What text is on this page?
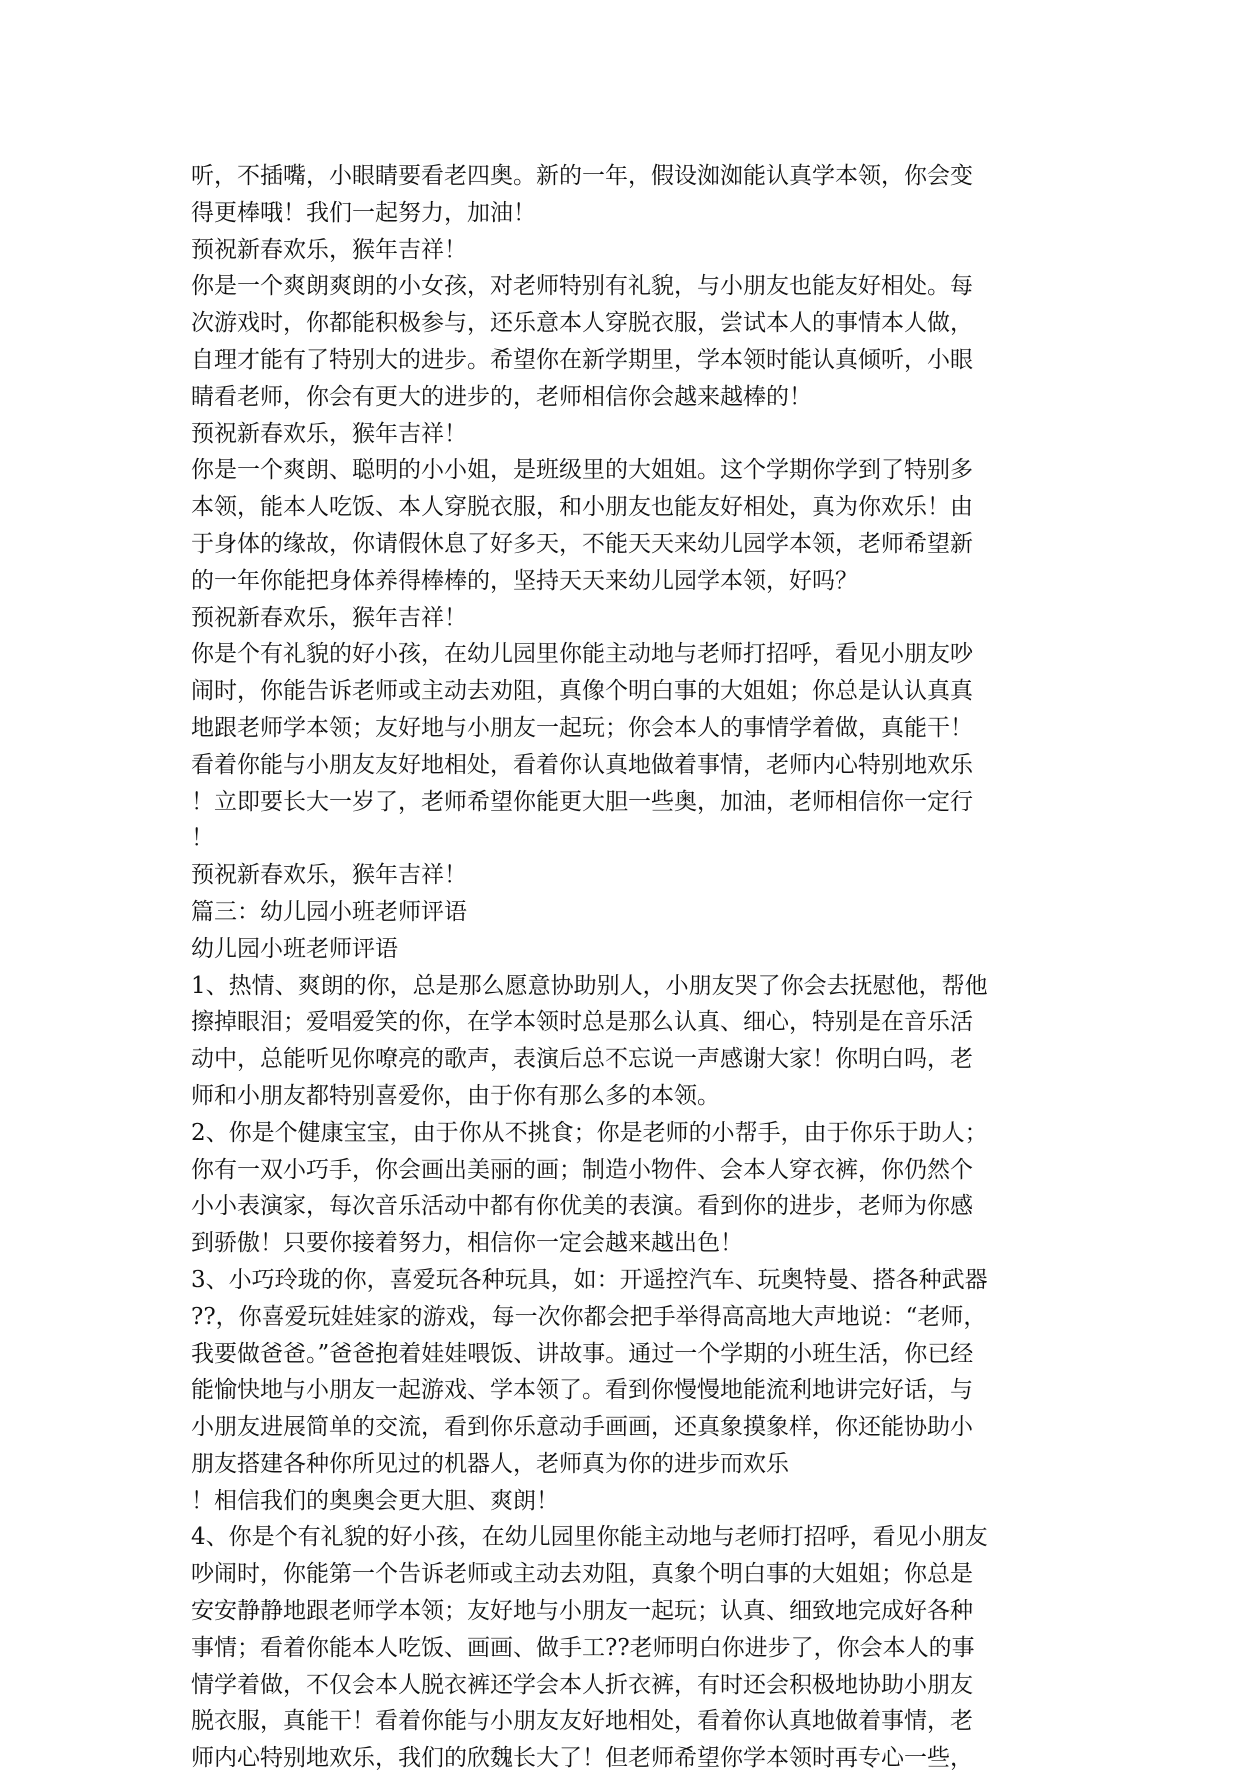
听，不插嘴，小眼睛要看老四奥。新的一年，假设洳洳能认真学本领，你会变
得更棒哦！我们一起努力，加油！
预祝新春欢乐，猴年吉祥！
你是一个爽朗爽朗的小女孩，对老师特别有礼貌，与小朋友也能友好相处。每
次游戏时，你都能积极参与，还乐意本人穿脱衣服，尝试本人的事情本人做，
自理才能有了特别大的进步。希望你在新学期里，学本领时能认真倾听，小眼
睛看老师，你会有更大的进步的，老师相信你会越来越棒的！
预祝新春欢乐，猴年吉祥！
你是一个爽朗、聪明的小小姐，是班级里的大姐姐。这个学期你学到了特别多
本领，能本人吃饭、本人穿脱衣服，和小朋友也能友好相处，真为你欢乐！由
于身体的缘故，你请假休息了好多天，不能天天来幼儿园学本领，老师希望新
的一年你能把身体养得棒棒的，坚持天天来幼儿园学本领，好吗？
预祝新春欢乐，猴年吉祥！
你是个有礼貌的好小孩，在幼儿园里你能主动地与老师打招呼，看见小朋友吵
闹时，你能告诉老师或主动去劝阻，真像个明白事的大姐姐；你总是认认真真
地跟老师学本领；友好地与小朋友一起玩；你会本人的事情学着做，真能干！
看着你能与小朋友友好地相处，看着你认真地做着事情，老师内心特别地欢乐
！立即要长大一岁了，老师希望你能更大胆一些奥，加油，老师相信你一定行
！
预祝新春欢乐，猴年吉祥！
篇三：幼儿园小班老师评语
幼儿园小班老师评语
1、热情、爽朗的你，总是那么愿意协助别人，小朋友哭了你会去抚慰他，帮他
擦掉眼泪；爱唱爱笑的你，在学本领时总是那么认真、细心，特别是在音乐活
动中，总能听见你嘹亮的歌声，表演后总不忘说一声感谢大家！你明白吗，老
师和小朋友都特别喜爱你，由于你有那么多的本领。
2、你是个健康宝宝，由于你从不挑食；你是老师的小帮手，由于你乐于助人；
你有一双小巧手，你会画出美丽的画；制造小物件、会本人穿衣裤，你仍然个
小小表演家，每次音乐活动中都有你优美的表演。看到你的进步，老师为你感
到骄傲！只要你接着努力，相信你一定会越来越出色！
3、小巧玲珑的你，喜爱玩各种玩具，如：开遥控汽车、玩奥特曼、搭各种武器
??，你喜爱玩娃娃家的游戏，每一次你都会把手举得高高地大声地说：“老师，
我要做爸爸。”爸爸抱着娃娃喂饭、讲故事。通过一个学期的小班生活，你已经
能愉快地与小朋友一起游戏、学本领了。看到你慢慢地能流利地讲完好话，与
小朋友进展简单的交流，看到你乐意动手画画，还真象摸象样，你还能协助小
朋友搭建各种你所见过的机器人，老师真为你的进步而欢乐
！相信我们的奥奥会更大胆、爽朗！
4、你是个有礼貌的好小孩，在幼儿园里你能主动地与老师打招呼，看见小朋友
吵闹时，你能第一个告诉老师或主动去劝阻，真象个明白事的大姐姐；你总是
安安静静地跟老师学本领；友好地与小朋友一起玩；认真、细致地完成好各种
事情；看着你能本人吃饭、画画、做手工??老师明白你进步了，你会本人的事
情学着做，不仅会本人脱衣裤还学会本人折衣裤，有时还会积极地协助小朋友
脱衣服，真能干！看着你能与小朋友友好地相处，看着你认真地做着事情，老
师内心特别地欢乐，我们的欣魏长大了！但老师希望你学本领时再专心一些，
